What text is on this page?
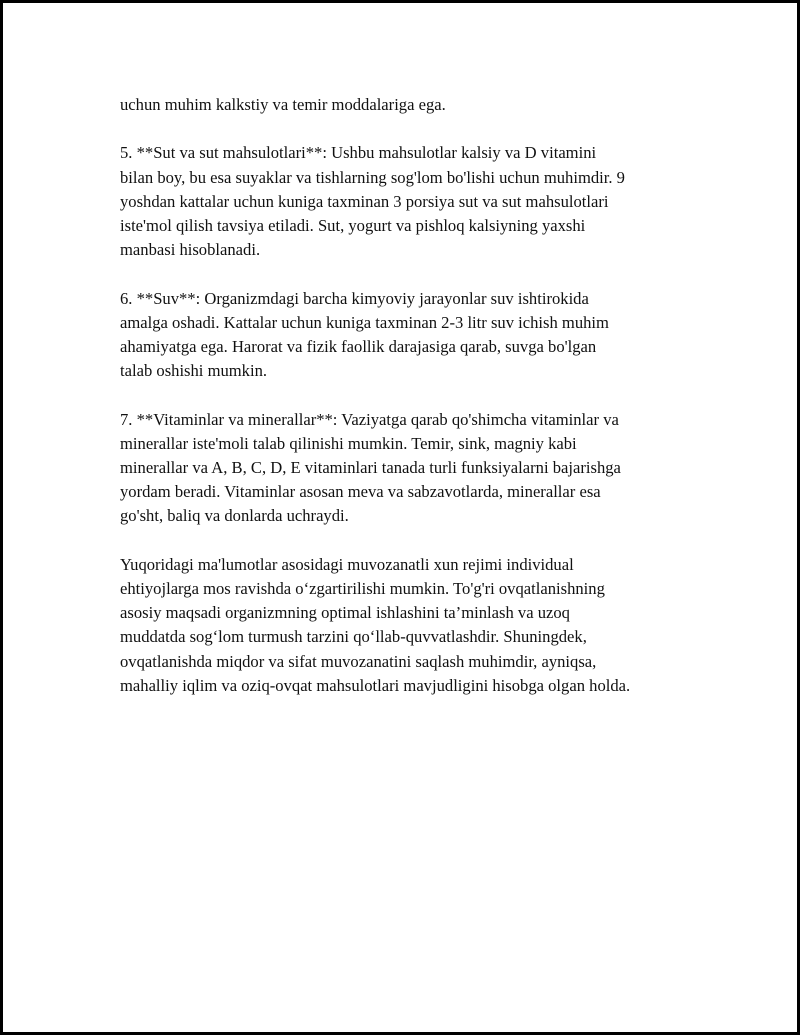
uchun muhim kalkstiy va temir moddalariga ega.

5. **Sut va sut mahsulotlari**: Ushbu mahsulotlar kalsiy va D vitamini
bilan boy, bu esa suyaklar va tishlarning sog'lom bo'lishi uchun muhimdir. 9
yoshdan kattalar uchun kuniga taxminan 3 porsiya sut va sut mahsulotlari
iste'mol qilish tavsiya etiladi. Sut, yogurt va pishloq kalsiyning yaxshi
manbasi hisoblanadi.

6. **Suv**: Organizmdagi barcha kimyoviy jarayonlar suv ishtirokida
amalga oshadi. Kattalar uchun kuniga taxminan 2-3 litr suv ichish muhim
ahamiyatga ega. Harorat va fizik faollik darajasiga qarab, suvga bo'lgan
talab oshishi mumkin.

7. **Vitaminlar va minerallar**: Vaziyatga qarab qo'shimcha vitaminlar va
minerallar iste'moli talab qilinishi mumkin. Temir, sink, magniy kabi
minerallar va A, B, C, D, E vitaminlari tanada turli funksiyalarni bajarishga
yordam beradi. Vitaminlar asosan meva va sabzavotlarda, minerallar esa
go'sht, baliq va donlarda uchraydi.

Yuqoridagi ma'lumotlar asosidagi muvozanatli xun rejimi individual
ehtiyojlarga mos ravishda o‘zgartirilishi mumkin. To'g'ri ovqatlanishning
asosiy maqsadi organizmning optimal ishlashini ta’minlash va uzoq
muddatda sog‘lom turmush tarzini qo‘llab-quvvatlashdir. Shuningdek,
ovqatlanishda miqdor va sifat muvozanatini saqlash muhimdir, ayniqsa,
mahalliy iqlim va oziq-ovqat mahsulotlari mavjudligini hisobga olgan holda.
